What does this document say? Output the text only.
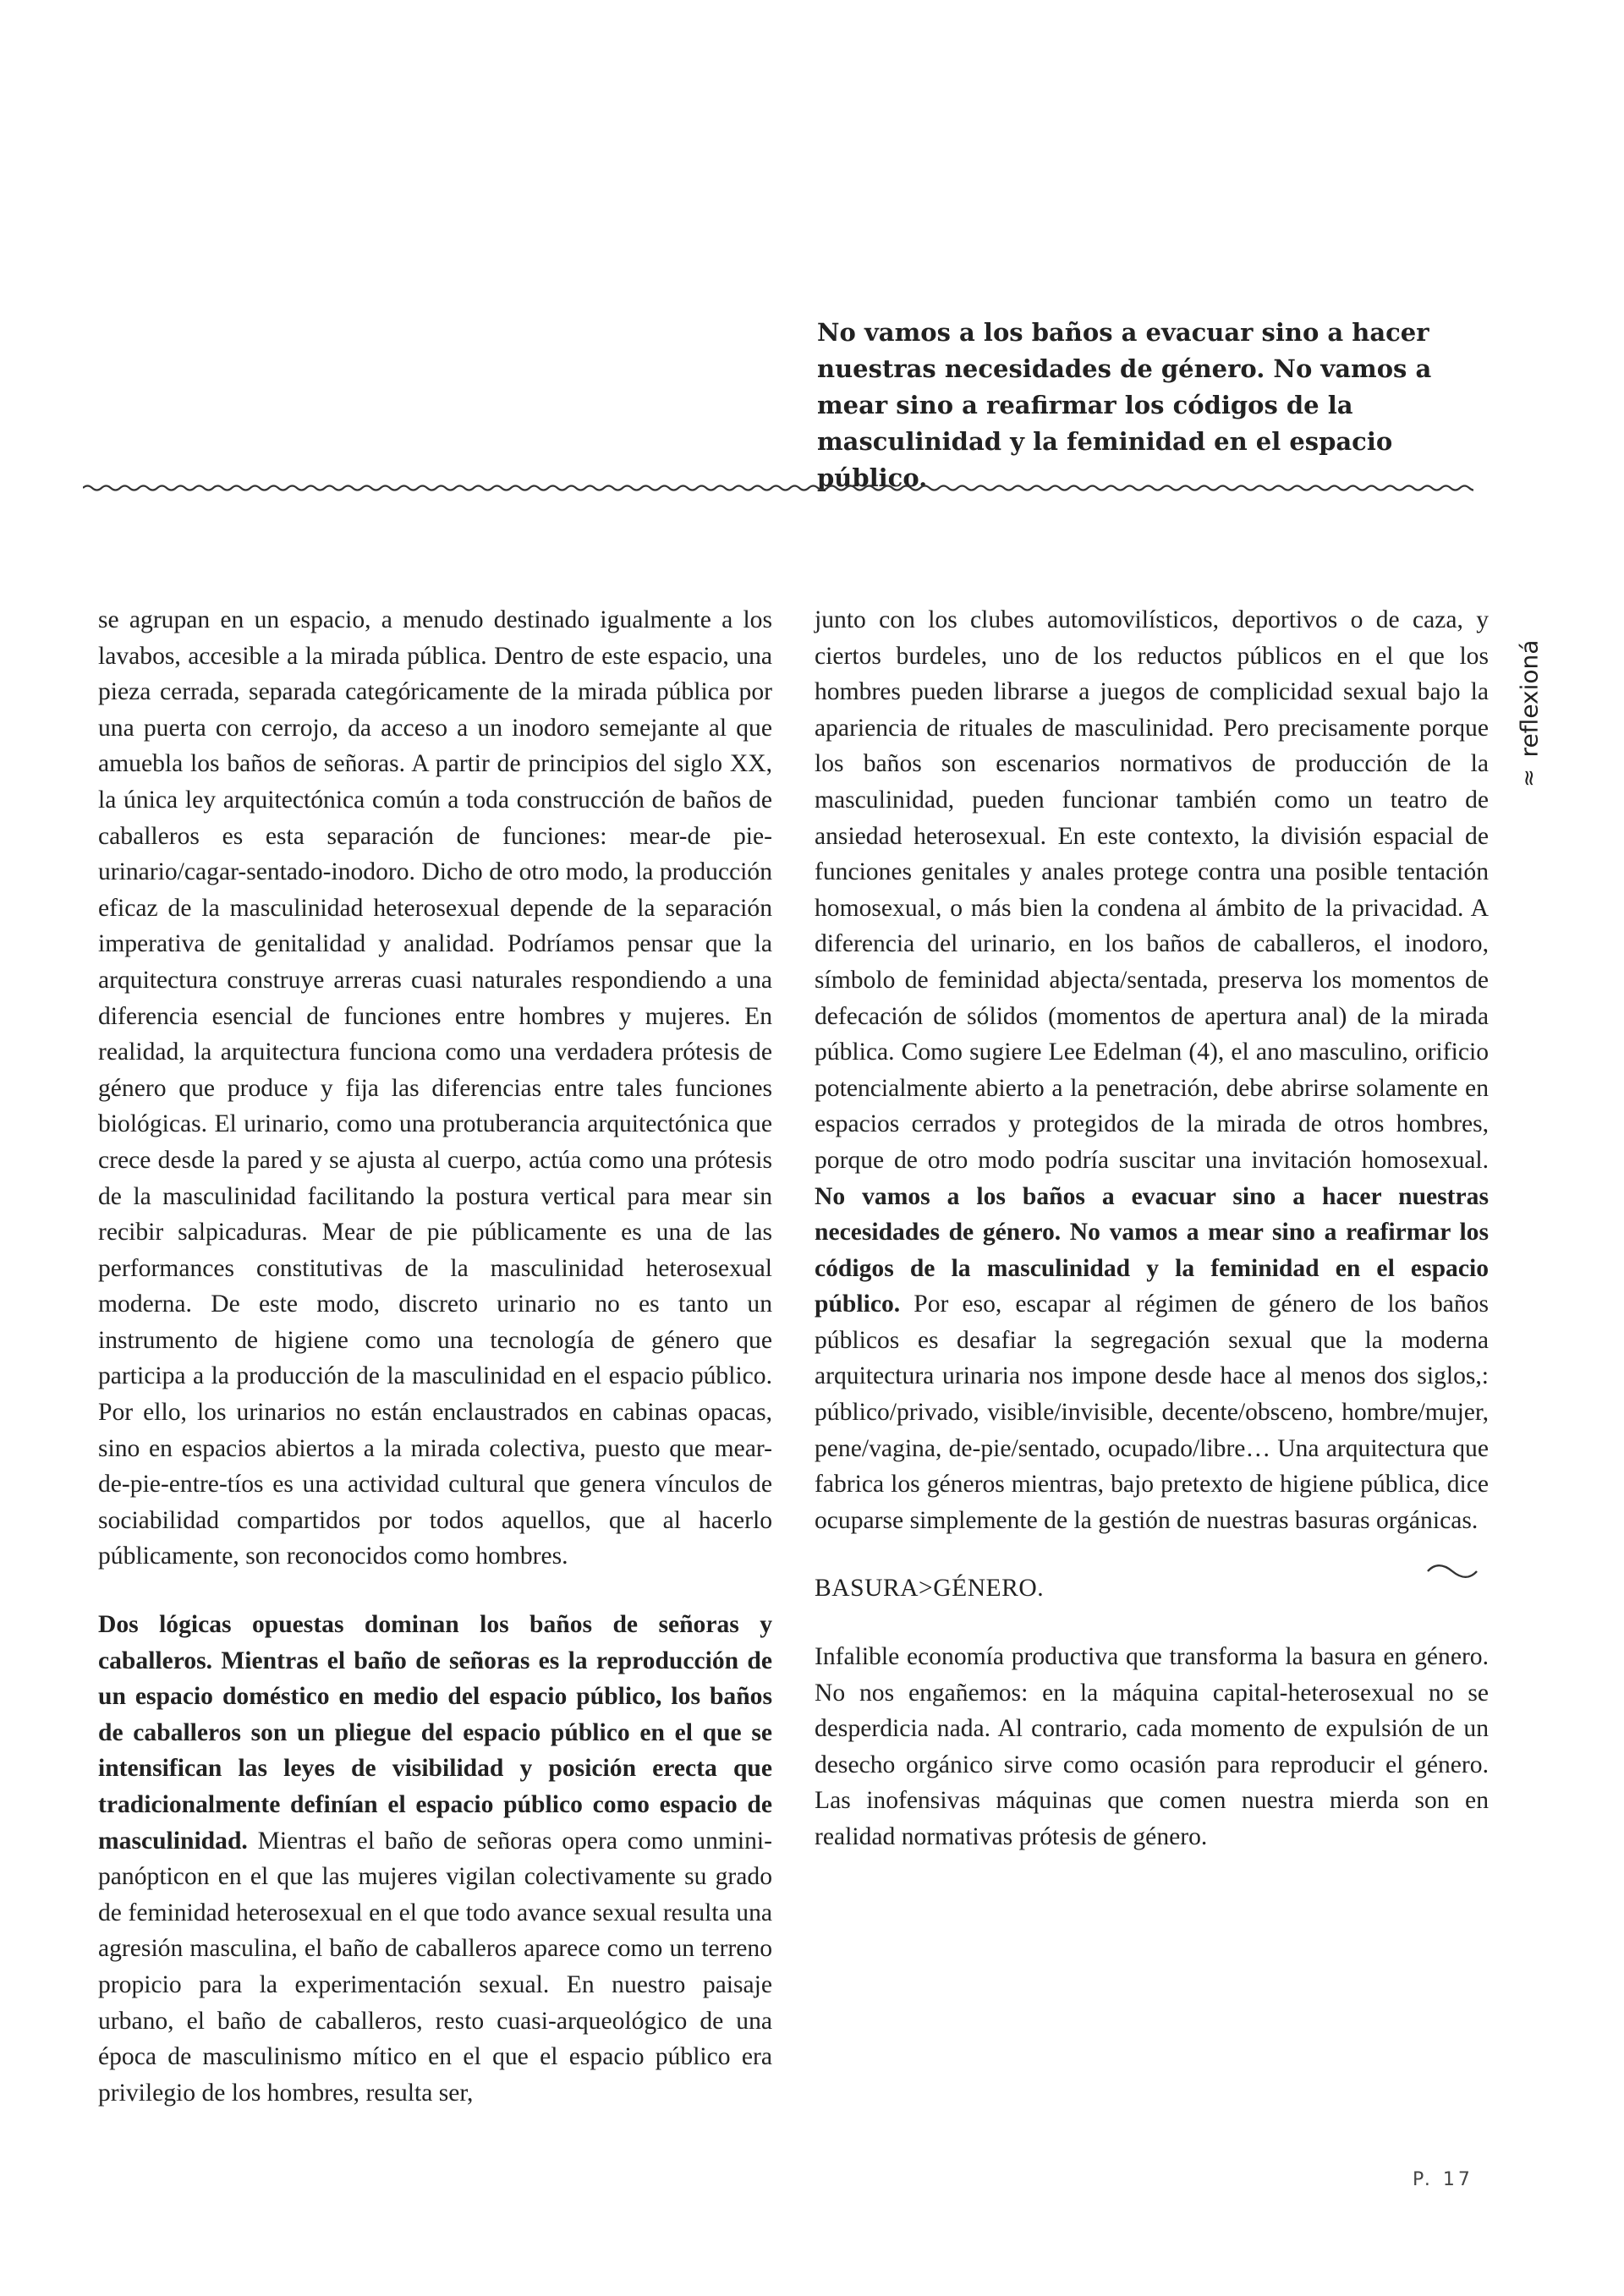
No vamos a los baños a evacuar sino a hacer nuestras necesidades de género. No vamos a mear sino a reafirmar los códigos de la masculinidad y la feminidad en el espacio público.

reflexioná
≈

se agrupan en un espacio, a menudo destinado igualmente a los lavabos, accesible a la mirada pública. Dentro de este espacio, una pieza cerrada, separada categóricamente de la mirada pública por una puerta con cerrojo, da acceso a un inodoro semejante al que amuebla los baños de señoras. A partir de principios del siglo XX, la única ley arquitectónica común a toda construcción de baños de caballeros es esta separación de funciones: mear-de pie-urinario/cagar-sentado-inodoro. Dicho de otro modo, la producción eficaz de la masculinidad heterosexual depende de la separación imperativa de genitalidad y analidad. Podríamos pensar que la arquitectura construye arreras cuasi naturales respondiendo a una diferencia esencial de funciones entre hombres y mujeres. En realidad, la arquitectura funciona como una verdadera prótesis de género que produce y fija las diferencias entre tales funciones biológicas. El urinario, como una protuberancia arquitectónica que crece desde la pared y se ajusta al cuerpo, actúa como una prótesis de la masculinidad facilitando la postura vertical para mear sin recibir salpicaduras. Mear de pie públicamente es una de las performances constitutivas de la masculinidad heterosexual moderna. De este modo, discreto urinario no es tanto un instrumento de higiene como una tecnología de género que participa a la producción de la masculinidad en el espacio público. Por ello, los urinarios no están enclaustrados en cabinas opacas, sino en espacios abiertos a la mirada colectiva, puesto que mear-de-pie-entre-tíos es una actividad cultural que genera vínculos de sociabilidad compartidos por todos aquellos, que al hacerlo públicamente, son reconocidos como hombres.

Dos lógicas opuestas dominan los baños de señoras y caballeros. Mientras el baño de señoras es la reproducción de un espacio doméstico en medio del espacio público, los baños de caballeros son un pliegue del espacio público en el que se intensifican las leyes de visibilidad y posición erecta que tradicionalmente definían el espacio público como espacio de masculinidad. Mientras el baño de señoras opera como unmini-panópticon en el que las mujeres vigilan colectivamente su grado de feminidad heterosexual en el que todo avance sexual resulta una agresión masculina, el baño de caballeros aparece como un terreno propicio para la experimentación sexual. En nuestro paisaje urbano, el baño de caballeros, resto cuasi-arqueológico de una época de masculinismo mítico en el que el espacio público era privilegio de los hombres, resulta ser,

junto con los clubes automovilísticos, deportivos o de caza, y ciertos burdeles, uno de los reductos públicos en el que los hombres pueden librarse a juegos de complicidad sexual bajo la apariencia de rituales de masculinidad. Pero precisamente porque los baños son escenarios normativos de producción de la masculinidad, pueden funcionar también como un teatro de ansiedad heterosexual. En este contexto, la división espacial de funciones genitales y anales protege contra una posible tentación homosexual, o más bien la condena al ámbito de la privacidad. A diferencia del urinario, en los baños de caballeros, el inodoro, símbolo de feminidad abjecta/sentada, preserva los momentos de defecación de sólidos (momentos de apertura anal) de la mirada pública. Como sugiere Lee Edelman (4), el ano masculino, orificio potencialmente abierto a la penetración, debe abrirse solamente en espacios cerrados y protegidos de la mirada de otros hombres, porque de otro modo podría suscitar una invitación homosexual. No vamos a los baños a evacuar sino a hacer nuestras necesidades de género. No vamos a mear sino a reafirmar los códigos de la masculinidad y la feminidad en el espacio público. Por eso, escapar al régimen de género de los baños públicos es desafiar la segregación sexual que la moderna arquitectura urinaria nos impone desde hace al menos dos siglos,: público/privado, visible/invisible, decente/obsceno, hombre/mujer, pene/vagina, de-pie/sentado, ocupado/libre… Una arquitectura que fabrica los géneros mientras, bajo pretexto de higiene pública, dice ocuparse simplemente de la gestión de nuestras basuras orgánicas.

BASURA>GÉNERO.

Infalible economía productiva que transforma la basura en género. No nos engañemos: en la máquina capital-heterosexual no se desperdicia nada. Al contrario, cada momento de expulsión de un desecho orgánico sirve como ocasión para reproducir el género. Las inofensivas máquinas que comen nuestra mierda son en realidad normativas prótesis de género.

P. 17
